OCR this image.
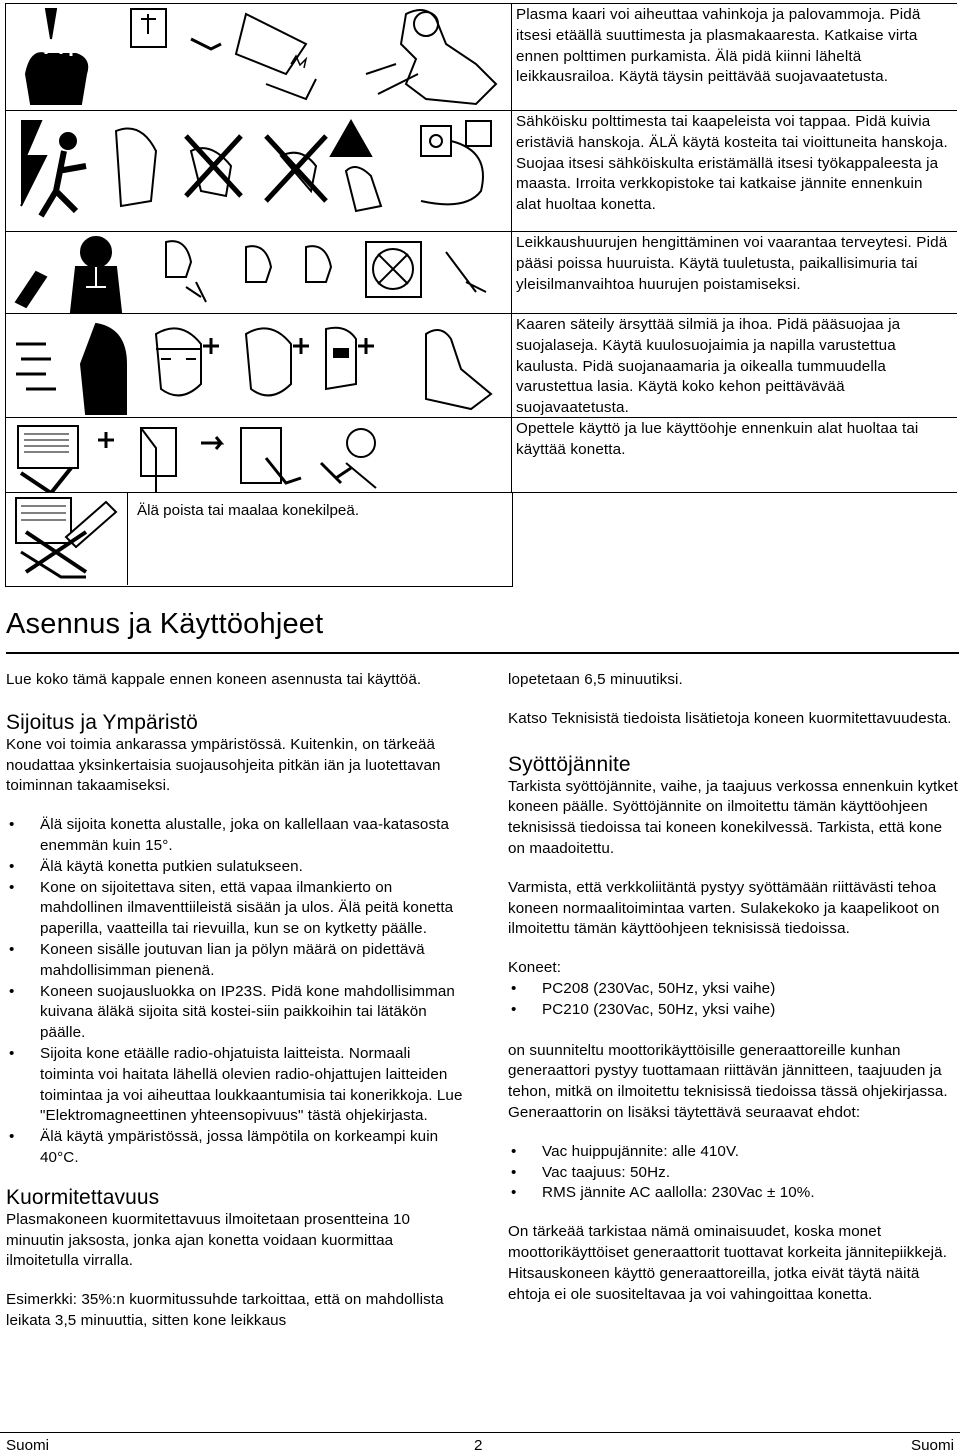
Plasma kaari voi aiheuttaa vahinkoja ja palovammoja. Pidä itsesi etäällä suuttimesta ja plasmakaaresta. Katkaise virta ennen polttimen purkamista. Älä pidä kiinni läheltä leikkausrailoa. Käytä täysin peittävää suojavaatetusta.
Sähköisku polttimesta tai kaapeleista voi tappaa. Pidä kuivia eristäviä hanskoja. ÄLÄ käytä kosteita tai vioittuneita hanskoja. Suojaa itsesi sähköiskulta eristämällä itsesi työkappaleesta ja maasta. Irroita verkkopistoke tai katkaise jännite ennenkuin alat huoltaa konetta.
Leikkaushuurujen hengittäminen voi vaarantaa terveytesi. Pidä pääsi poissa huuruista. Käytä tuuletusta, paikallisimuria tai yleisilmanvaihtoa huurujen poistamiseksi.
Kaaren säteily ärsyttää silmiä ja ihoa. Pidä pääsuojaa ja suojalaseja. Käytä kuulosuojaimia ja napilla varustettua kaulusta. Pidä suojanaamaria ja oikealla tummuudella varustettua lasia. Käytä koko kehon peittävävää suojavaatetusta.
Opettele käyttö ja lue käyttöohje ennenkuin alat huoltaa tai käyttää konetta.
Älä poista tai maalaa konekilpeä.
Asennus ja Käyttöohjeet

Lue koko tämä kappale ennen koneen asennusta tai käyttöä.

Sijoitus ja Ympäristö

Kone voi toimia ankarassa ympäristössä. Kuitenkin, on tärkeää noudattaa yksinkertaisia suojausohjeita pitkän iän ja luotettavan toiminnan takaamiseksi.

• Älä sijoita konetta alustalle, joka on kallellaan vaa-katasosta enemmän kuin 15°.
• Älä käytä konetta putkien sulatukseen.
• Kone on sijoitettava siten, että vapaa ilmankierto on mahdollinen ilmaventtiileistä sisään ja ulos. Älä peitä konetta paperilla, vaatteilla tai rievuilla, kun se on kytketty päälle.
• Koneen sisälle joutuvan lian ja pölyn määrä on pidettävä mahdollisimman pienenä.
• Koneen suojausluokka on IP23S. Pidä kone mahdollisimman kuivana äläkä sijoita sitä kostei-siin paikkoihin tai lätäkön päälle.
• Sijoita kone etäälle radio-ohjatuista laitteista. Normaali toiminta voi haitata lähellä olevien radio-ohjattujen laitteiden toimintaa ja voi aiheuttaa loukkaantumisia tai konerikkoja. Lue "Elektromagneettinen yhteensopivuus" tästä ohjekirjasta.
• Älä käytä ympäristössä, jossa lämpötila on korkeampi kuin 40°C.
Kuormitettavuus

Plasmakoneen kuormitettavuus ilmoitetaan prosentteina 10 minuutin jaksosta, jonka ajan konetta voidaan kuormittaa ilmoitetulla virralla.

Esimerkki: 35%:n kuormitussuhde tarkoittaa, että on mahdollista leikata 3,5 minuuttia, sitten kone leikkaus

lopetetaan 6,5 minuutiksi.

Katso Teknisistä tiedoista lisätietoja koneen kuormitettavuudesta.

Syöttöjännite

Tarkista syöttöjännite, vaihe, ja taajuus verkossa ennenkuin kytket koneen päälle. Syöttöjännite on ilmoitettu tämän käyttöohjeen teknisissä tiedoissa tai koneen konekilvessä. Tarkista, että kone on maadoitettu.

Varmista, että verkkoliitäntä pystyy syöttämään riittävästi tehoa koneen normaalitoimintaa varten. Sulakekoko ja kaapelikoot on ilmoitettu tämän käyttöohjeen teknisissä tiedoissa.

Koneet:

• PC208 (230Vac, 50Hz, yksi vaihe)
• PC210 (230Vac, 50Hz, yksi vaihe)

on suunniteltu moottorikäyttöisille generaattoreille kunhan generaattori pystyy tuottamaan riittävän jännitteen, taajuuden ja tehon, mitkä on ilmoitettu teknisissä tiedoissa tässä ohjekirjassa. Generaattorin on lisäksi täytettävä seuraavat ehdot:

• Vac huippujännite: alle 410V.
• Vac taajuus: 50Hz.
• RMS jännite AC aallolla: 230Vac ± 10%.

On tärkeää tarkistaa nämä ominaisuudet, koska monet moottorikäyttöiset generaattorit tuottavat korkeita jännitepiikkejä. Hitsauskoneen käyttö generaattoreilla, jotka eivät täytä näitä ehtoja ei ole suositeltavaa ja voi vahingoittaa konetta.

Suomi	2	Suomi
